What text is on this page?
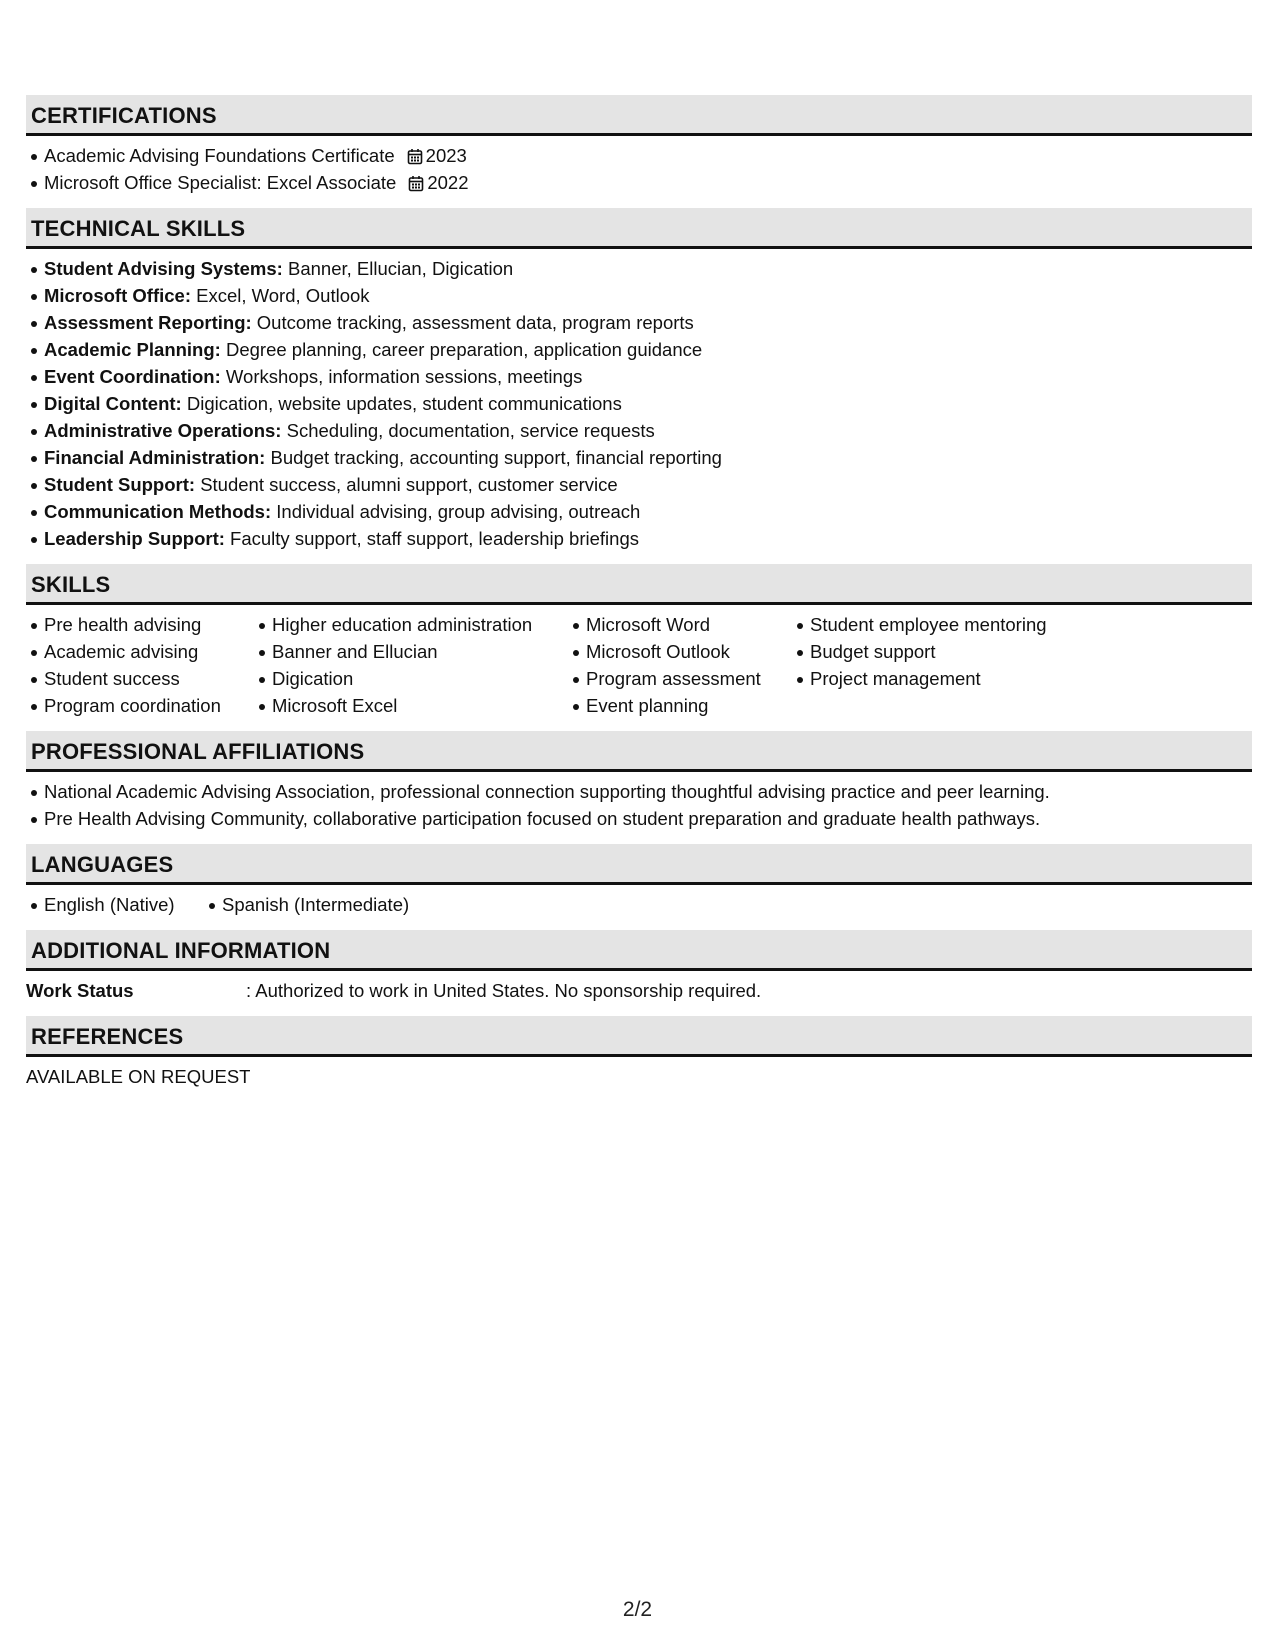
CERTIFICATIONS
Academic Advising Foundations Certificate 2023
Microsoft Office Specialist: Excel Associate 2022
TECHNICAL SKILLS
Student Advising Systems: Banner, Ellucian, Digication
Microsoft Office: Excel, Word, Outlook
Assessment Reporting: Outcome tracking, assessment data, program reports
Academic Planning: Degree planning, career preparation, application guidance
Event Coordination: Workshops, information sessions, meetings
Digital Content: Digication, website updates, student communications
Administrative Operations: Scheduling, documentation, service requests
Financial Administration: Budget tracking, accounting support, financial reporting
Student Support: Student success, alumni support, customer service
Communication Methods: Individual advising, group advising, outreach
Leadership Support: Faculty support, staff support, leadership briefings
SKILLS
Pre health advising
Academic advising
Student success
Program coordination
Higher education administration
Banner and Ellucian
Digication
Microsoft Excel
Microsoft Word
Microsoft Outlook
Program assessment
Event planning
Student employee mentoring
Budget support
Project management
PROFESSIONAL AFFILIATIONS
National Academic Advising Association, professional connection supporting thoughtful advising practice and peer learning.
Pre Health Advising Community, collaborative participation focused on student preparation and graduate health pathways.
LANGUAGES
English (Native)	Spanish (Intermediate)
ADDITIONAL INFORMATION
Work Status	: Authorized to work in United States. No sponsorship required.
REFERENCES
AVAILABLE ON REQUEST
2/2
